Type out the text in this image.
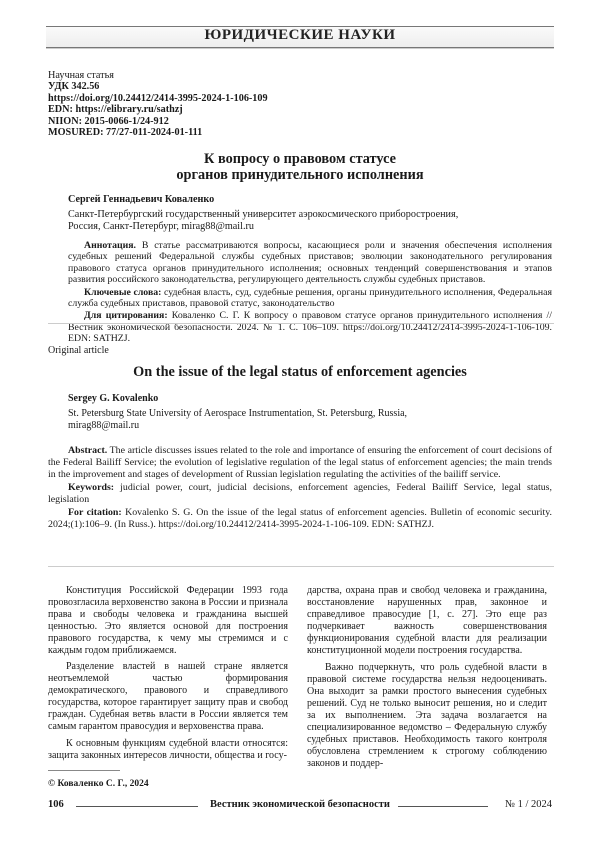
ЮРИДИЧЕСКИЕ НАУКИ
Научная статья
УДК 342.56
https://doi.org/10.24412/2414-3995-2024-1-106-109
EDN: https://elibrary.ru/sathzj
NIION: 2015-0066-1/24-912
MOSURED: 77/27-011-2024-01-111
К вопросу о правовом статусе
органов принудительного исполнения
Сергей Геннадьевич Коваленко
Санкт-Петербургский государственный университет аэрокосмического приборостроения,
Россия, Санкт-Петербург, mirag88@mail.ru

Аннотация. В статье рассматриваются вопросы, касающиеся роли и значения обеспечения исполнения судебных решений Федеральной службы судебных приставов; эволюции законодательного регулирования правового статуса органов принудительного исполнения; основных тенденций совершенствования и этапов развития российского законодательства, регулирующего деятельность службы судебных приставов.

Ключевые слова: судебная власть, суд, судебные решения, органы принудительного исполнения, Федеральная служба судебных приставов, правовой статус, законодательство

Для цитирования: Коваленко С. Г. К вопросу о правовом статусе органов принудительного исполнения // Вестник экономической безопасности. 2024. № 1. С. 106–109. https://doi.org/10.24412/2414-3995-2024-1-106-109. EDN: SATHZJ.

Original article
On the issue of the legal status of enforcement agencies
Sergey G. Kovalenko
St. Petersburg State University of Aerospace Instrumentation, St. Petersburg, Russia,
mirag88@mail.ru

Abstract. The article discusses issues related to the role and importance of ensuring the enforcement of court decisions of the Federal Bailiff Service; the evolution of legislative regulation of the legal status of enforcement agencies; the main trends in the improvement and stages of development of Russian legislation regulating the activities of the bailiff service.

Keywords: judicial power, court, judicial decisions, enforcement agencies, Federal Bailiff Service, legal status, legislation

For citation: Kovalenko S. G. On the issue of the legal status of enforcement agencies. Bulletin of economic security. 2024;(1):106–9. (In Russ.). https://doi.org/10.24412/2414-3995-2024-1-106-109. EDN: SATHZJ.

Конституция Российской Федерации 1993 года провозгласила верховенство закона в России и признала права и свободы человека и гражданина высшей ценностью. Это является основой для построения правового государства, к чему мы стремимся и с каждым годом приближаемся.

Разделение властей в нашей стране является неотъемлемой частью формирования демократического, правового и справедливого государства, которое гарантирует защиту прав и свобод граждан. Судебная ветвь власти в России является тем самым гарантом правосудия и верховенства права.

К основным функциям судебной власти относятся: защита законных интересов личности, общества и госу-

дарства, охрана прав и свобод человека и гражданина, восстановление нарушенных прав, законное и справедливое правосудие [1, с. 27]. Это еще раз подчеркивает важность совершенствования функционирования судебной власти для реализации конституционной модели построения государства.

Важно подчеркнуть, что роль судебной власти в правовой системе государства нельзя недооценивать. Она выходит за рамки простого вынесения судебных решений. Суд не только выносит решения, но и следит за их выполнением. Эта задача возлагается на специализированное ведомство – Федеральную службу судебных приставов. Необходимость такого контроля обусловлена стремлением к строгому соблюдению законов и поддер-

© Коваленко С. Г., 2024
106	Вестник экономической безопасности	№ 1 / 2024
